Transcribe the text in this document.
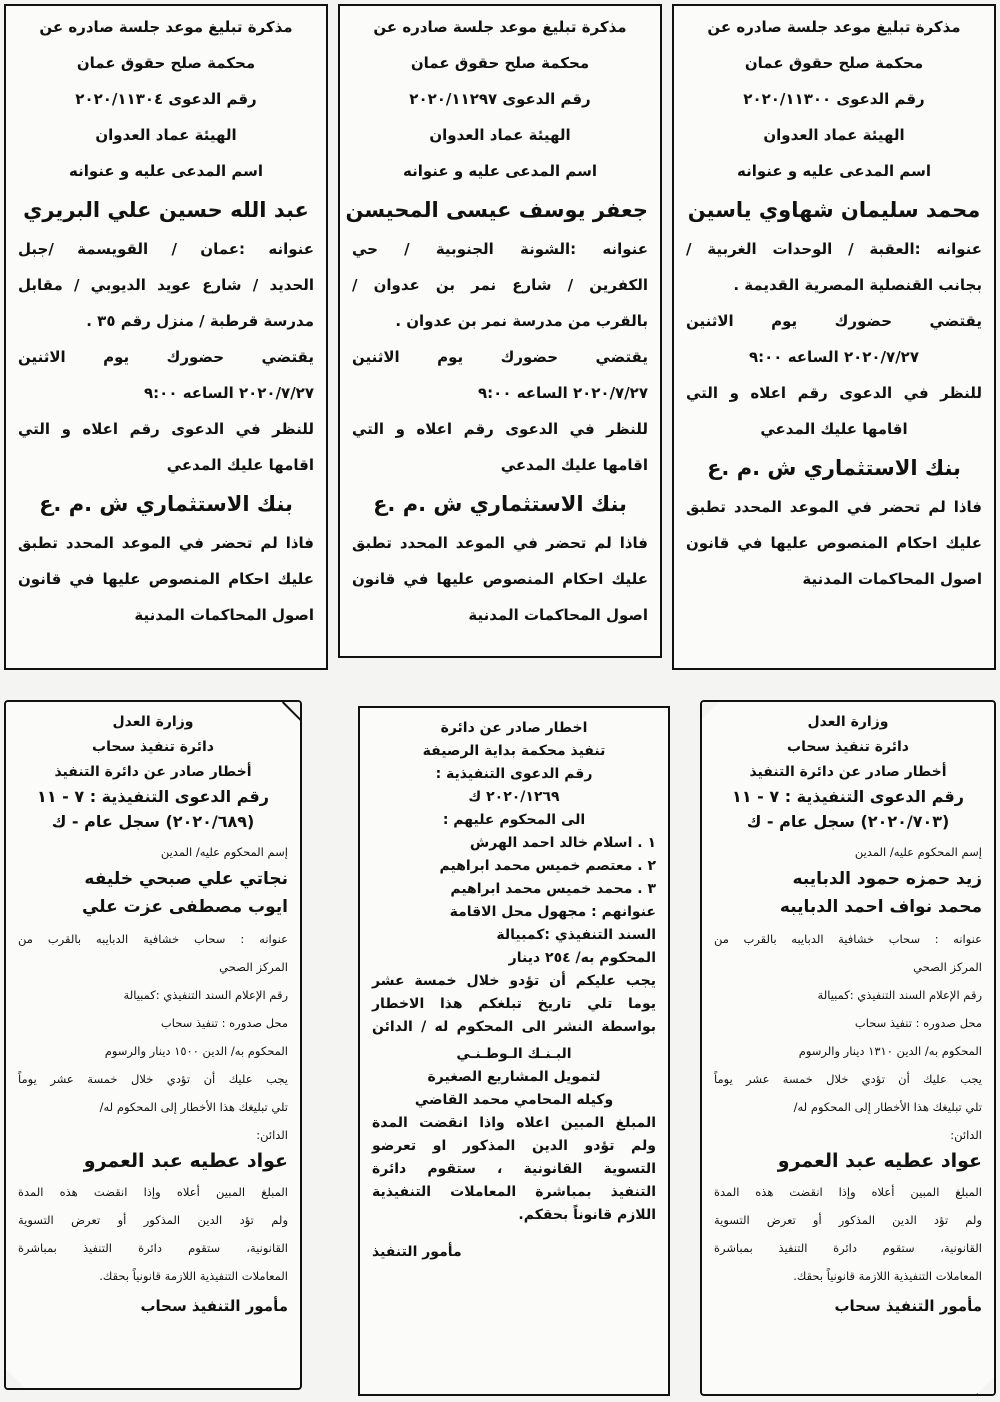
مذكرة تبليغ موعد جلسة صادره عن
محكمة صلح حقوق عمان
رقم الدعوى ٢٠٢٠/١١٣٠٠
الهيئة عماد العدوان
اسم المدعى عليه و عنوانه
محمد سليمان شهاوي ياسين
عنوانه :العقبة / الوحدات الغربية /
بجانب القنصلية المصرية القديمة .
يقتضي حضورك يوم الاثنين
٢٠٢٠/٧/٢٧ الساعه ٩:٠٠
للنظر في الدعوى رقم اعلاه و التي
اقامها عليك المدعي
بنك الاستثماري ش .م .ع
فاذا لم تحضر في الموعد المحدد تطبق
عليك احكام المنصوص عليها في قانون
اصول المحاكمات المدنية
مذكرة تبليغ موعد جلسة صادره عن
محكمة صلح حقوق عمان
رقم الدعوى ٢٠٢٠/١١٢٩٧
الهيئة عماد العدوان
اسم المدعى عليه و عنوانه
جعفر يوسف عيسى المحيسن
عنوانه :الشونة الجنوبية / حي
الكفرين / شارع نمر بن عدوان /
بالقرب من مدرسة نمر بن عدوان .
يقتضي حضورك يوم الاثنين
٢٠٢٠/٧/٢٧ الساعه ٩:٠٠
للنظر في الدعوى رقم اعلاه و التي
اقامها عليك المدعي
بنك الاستثماري ش .م .ع
فاذا لم تحضر في الموعد المحدد تطبق
عليك احكام المنصوص عليها في قانون
اصول المحاكمات المدنية
مذكرة تبليغ موعد جلسة صادره عن
محكمة صلح حقوق عمان
رقم الدعوى ٢٠٢٠/١١٣٠٤
الهيئة عماد العدوان
اسم المدعى عليه و عنوانه
عبد الله حسين علي البريري
عنوانه :عمان / القويسمة /جبل
الحديد / شارع عويد الديوبي / مقابل
مدرسة قرطبة / منزل رقم ٣٥ .
يقتضي حضورك يوم الاثنين
٢٠٢٠/٧/٢٧ الساعه ٩:٠٠
للنظر في الدعوى رقم اعلاه و التي
اقامها عليك المدعي
بنك الاستثماري ش .م .ع
فاذا لم تحضر في الموعد المحدد تطبق
عليك احكام المنصوص عليها في قانون
اصول المحاكمات المدنية
وزارة العدل
دائرة تنفيذ سحاب
أخطار صادر عن دائرة التنفيذ
رقم الدعوى التنفيذية : ٧ - ١١
(٢٠٢٠/٧٠٣) سجل عام - ك
إسم المحكوم عليه/ المدين
زيد حمزه حمود الدبايبه
محمد نواف احمد الدبايبه
عنوانه : سحاب خشافية الدبايبه بالقرب من
المركز الصحي
رقم الإعلام السند التنفيذي :كمبيالة
محل صدوره : تنفيذ سحاب
المحكوم به/ الدين ١٣١٠ دينار والرسوم
يجب عليك أن تؤدي خلال خمسة عشر يوماً
تلي تبليغك هذا الأخطار إلى المحكوم له/
الدائن:
عواد عطيه عبد العمرو
المبلغ المبين أعلاه وإذا انقضت هذه المدة
ولم تؤد الدين المذكور أو تعرض التسوية
القانونية، ستقوم دائرة التنفيذ بمباشرة
المعاملات التنفيذية اللازمة قانونياً بحقك.
مأمور التنفيذ سحاب
اخطار صادر عن دائرة
تنفيذ محكمة بداية الرصيفة
رقم الدعوى التنفيذية :
٢٠٢٠/١٢٦٩ ك
الى المحكوم عليهم :
١ . اسلام خالد احمد الهرش
٢ . معتصم خميس محمد ابراهيم
٣ . محمد خميس محمد ابراهيم
عنوانهم : مجهول محل الاقامة
السند التنفيذي :كمبيالة
المحكوم به/ ٢٥٤ دينار
يجب عليكم أن تؤدو خلال خمسة عشر
يوما تلي تاريخ تبلغكم هذا الاخطار
بواسطة النشر الى المحكوم له / الدائن
البـنـك الـوطـنـي
لتمويل المشاريع الصغيرة
وكيله المحامي محمد القاضي
المبلغ المبين اعلاه واذا انقضت المدة
ولم تؤدو الدين المذكور او تعرضو
التسوية القانونية ، ستقوم دائرة
التنفيذ بمباشرة المعاملات التنفيذية
اللازم قانوناً بحقكم.
مأمور التنفيذ
وزارة العدل
دائرة تنفيذ سحاب
أخطار صادر عن دائرة التنفيذ
رقم الدعوى التنفيذية : ٧ - ١١
(٢٠٢٠/٦٨٩) سجل عام - ك
إسم المحكوم عليه/ المدين
نجاتي علي صبحي خليفه
ايوب مصطفى عزت علي
عنوانه : سحاب خشافية الدبايبه بالقرب من
المركز الصحي
رقم الإعلام السند التنفيذي :كمبيالة
محل صدوره : تنفيذ سحاب
المحكوم به/ الدين ١٥٠٠ دينار والرسوم
يجب عليك أن تؤدي خلال خمسة عشر يوماً
تلي تبليغك هذا الأخطار إلى المحكوم له/
الدائن:
عواد عطيه عبد العمرو
المبلغ المبين أعلاه وإذا انقضت هذه المدة
ولم تؤد الدين المذكور أو تعرض التسوية
القانونية، ستقوم دائرة التنفيذ بمباشرة
المعاملات التنفيذية اللازمة قانونياً بحقك.
مأمور التنفيذ سحاب
